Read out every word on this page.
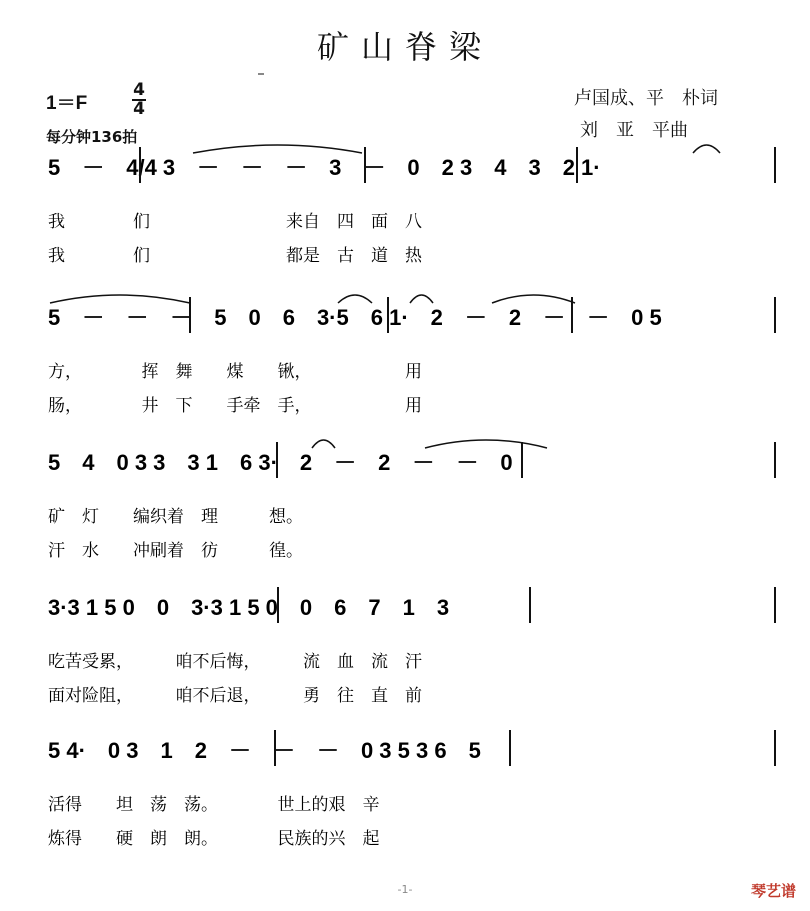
矿山脊梁
1＝F	卢国成、平　朴词
刘　亚　平曲
每分钟136拍
4
4
5　－　4/4 3　－　－　－　3　－　0　2 3　4　3　2 1·
我　　　　们　　　　　　　　来自　四　面　八
我　　　　们　　　　　　　　都是　古　道　热
5　－　－　－　5　0　6　3·5　6 1·　2　－　2　－　－　0 5
方，　　　　挥　舞　　煤　　锹，　　　　　　用
肠，　　　　井　下　　手牵　手，　　　　　　用
5　4　0 3 3　3 1　6 3·　2　－　2　－　－　0
矿　灯　　编织着　理　　　想。
汗　水　　冲刷着　彷　　　徨。
3·3 1 5 0　0　3·3 1 5 0　0　6　7　1　3
吃苦受累，　　　咱不后悔，　　　流　血　流　汗
面对险阻，　　　咱不后退，　　　勇　往　直　前
5 4·　0 3　1　2　－　－　－　0 3 5 3 6　5
活得　　坦　荡　荡。　　　　世上的艰　辛
炼得　　硬　朗　朗。　　　　民族的兴　起
-1-	琴艺谱
